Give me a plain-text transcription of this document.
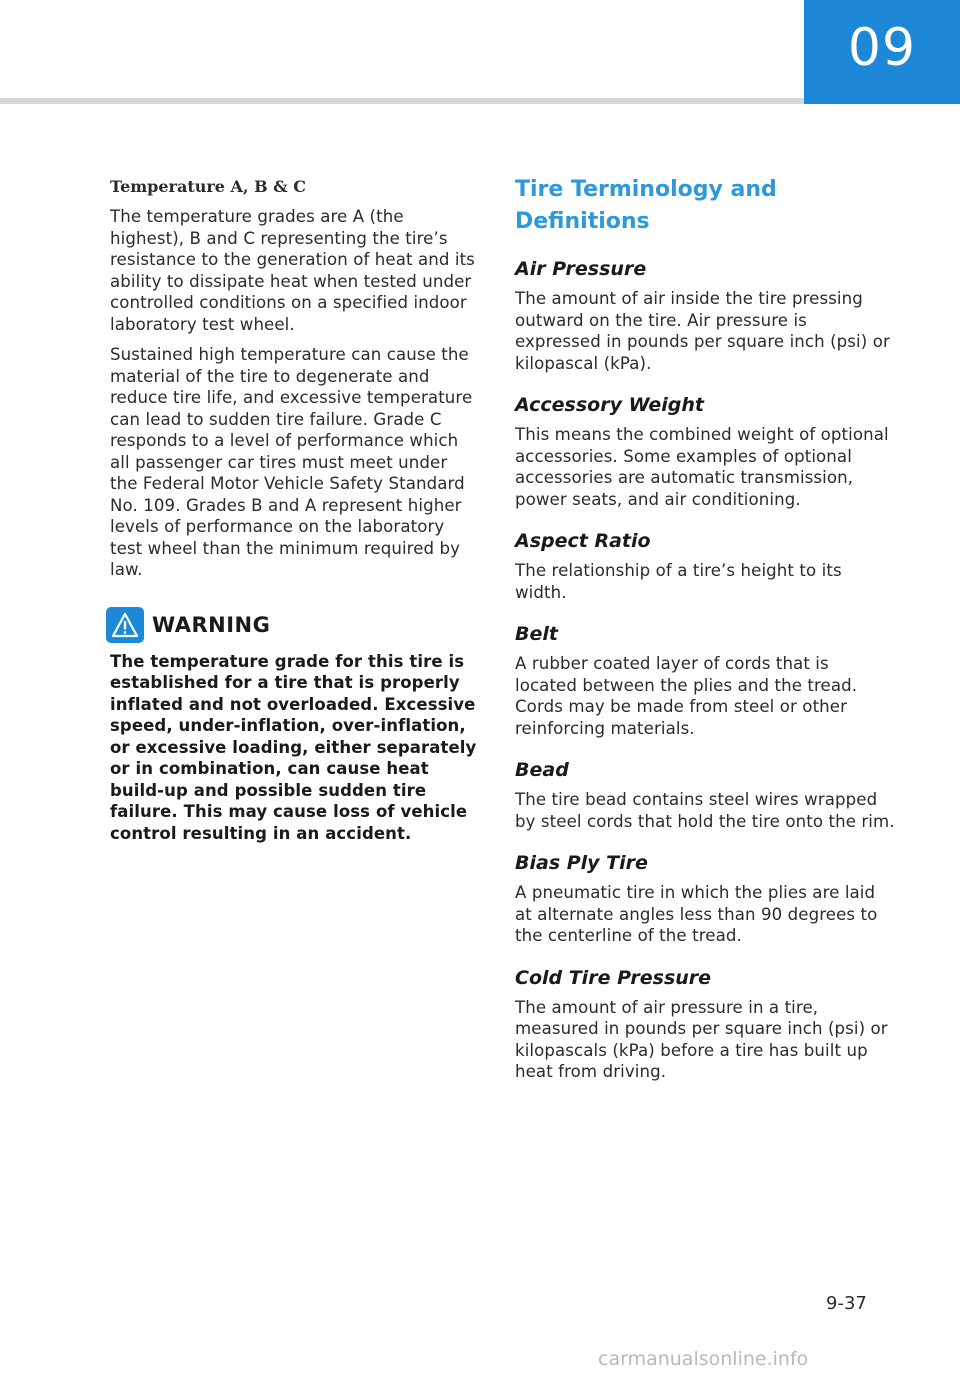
09
Temperature A, B & C

The temperature grades are A (the highest), B and C representing the tire’s resistance to the generation of heat and its ability to dissipate heat when tested under controlled conditions on a specified indoor laboratory test wheel.

Sustained high temperature can cause the material of the tire to degenerate and reduce tire life, and excessive temperature can lead to sudden tire failure. Grade C responds to a level of performance which all passenger car tires must meet under the Federal Motor Vehicle Safety Standard No. 109. Grades B and A represent higher levels of performance on the laboratory test wheel than the minimum required by law.

WARNING

The temperature grade for this tire is established for a tire that is properly inflated and not overloaded. Excessive speed, under-inflation, over-inflation, or excessive loading, either separately or in combination, can cause heat build-up and possible sudden tire failure. This may cause loss of vehicle control resulting in an accident.

Tire Terminology and Definitions
Air Pressure

The amount of air inside the tire pressing outward on the tire. Air pressure is expressed in pounds per square inch (psi) or kilopascal (kPa).

Accessory Weight

This means the combined weight of optional accessories. Some examples of optional accessories are automatic transmission, power seats, and air conditioning.

Aspect Ratio

The relationship of a tire’s height to its width.

Belt

A rubber coated layer of cords that is located between the plies and the tread. Cords may be made from steel or other reinforcing materials.

Bead

The tire bead contains steel wires wrapped by steel cords that hold the tire onto the rim.

Bias Ply Tire

A pneumatic tire in which the plies are laid at alternate angles less than 90 degrees to the centerline of the tread.

Cold Tire Pressure

The amount of air pressure in a tire, measured in pounds per square inch (psi) or kilopascals (kPa) before a tire has built up heat from driving.

9-37
carmanualsonline.info
